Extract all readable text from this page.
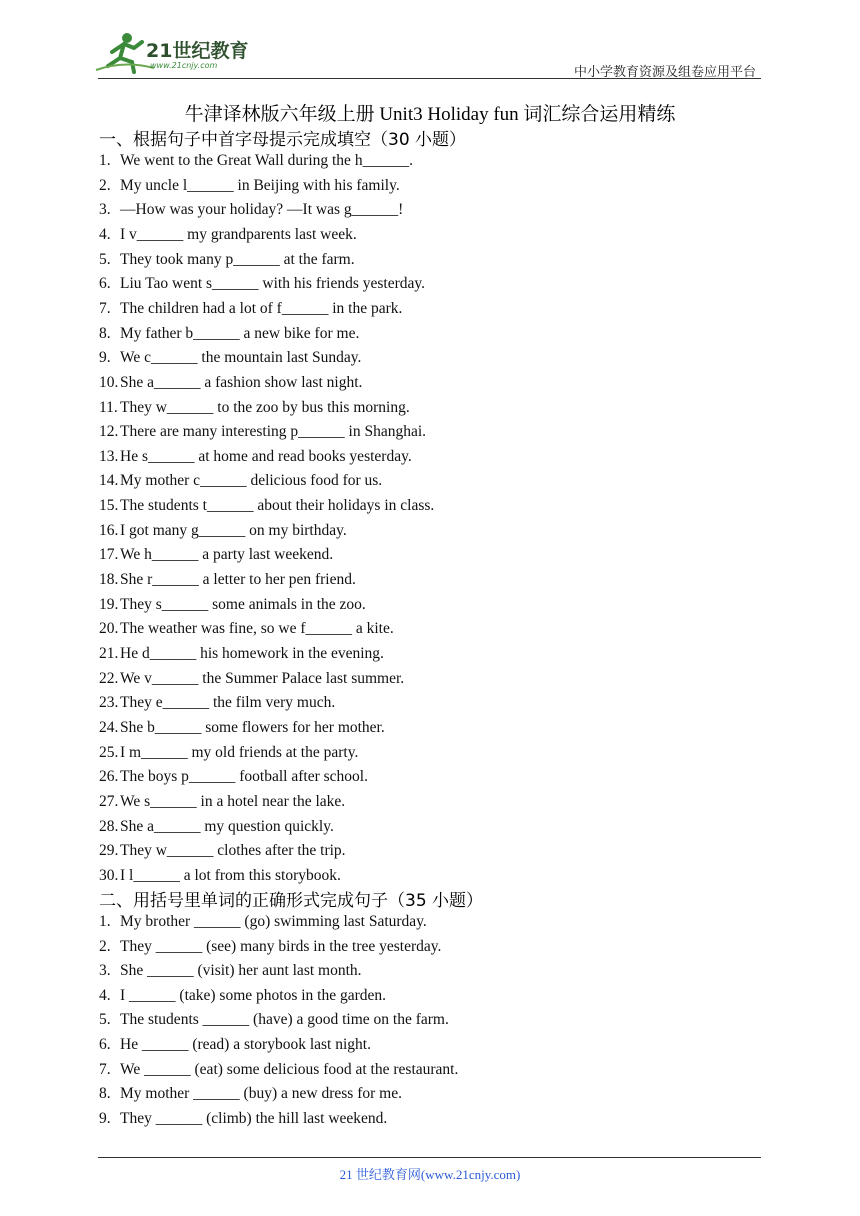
21世纪教育
www.21cnjy.com	中小学教育资源及组卷应用平台
牛津译林版六年级上册 Unit3 Holiday fun 词汇综合运用精练
一、根据句子中首字母提示完成填空（30 小题）
1. We went to the Great Wall during the h______.
2. My uncle l______ in Beijing with his family.
3. —How was your holiday? —It was g______!
4. I v______ my grandparents last week.
5. They took many p______ at the farm.
6. Liu Tao went s______ with his friends yesterday.
7. The children had a lot of f______ in the park.
8. My father b______ a new bike for me.
9. We c______ the mountain last Sunday.
10. She a______ a fashion show last night.
11. They w______ to the zoo by bus this morning.
12. There are many interesting p______ in Shanghai.
13. He s______ at home and read books yesterday.
14. My mother c______ delicious food for us.
15. The students t______ about their holidays in class.
16. I got many g______ on my birthday.
17. We h______ a party last weekend.
18. She r______ a letter to her pen friend.
19. They s______ some animals in the zoo.
20. The weather was fine, so we f______ a kite.
21. He d______ his homework in the evening.
22. We v______ the Summer Palace last summer.
23. They e______ the film very much.
24. She b______ some flowers for her mother.
25. I m______ my old friends at the party.
26. The boys p______ football after school.
27. We s______ in a hotel near the lake.
28. She a______ my question quickly.
29. They w______ clothes after the trip.
30. I l______ a lot from this storybook.
二、用括号里单词的正确形式完成句子（35 小题）
1. My brother ______ (go) swimming last Saturday.
2. They ______ (see) many birds in the tree yesterday.
3. She ______ (visit) her aunt last month.
4. I ______ (take) some photos in the garden.
5. The students ______ (have) a good time on the farm.
6. He ______ (read) a storybook last night.
7. We ______ (eat) some delicious food at the restaurant.
8. My mother ______ (buy) a new dress for me.
9. They ______ (climb) the hill last weekend.
21 世纪教育网(www.21cnjy.com)
